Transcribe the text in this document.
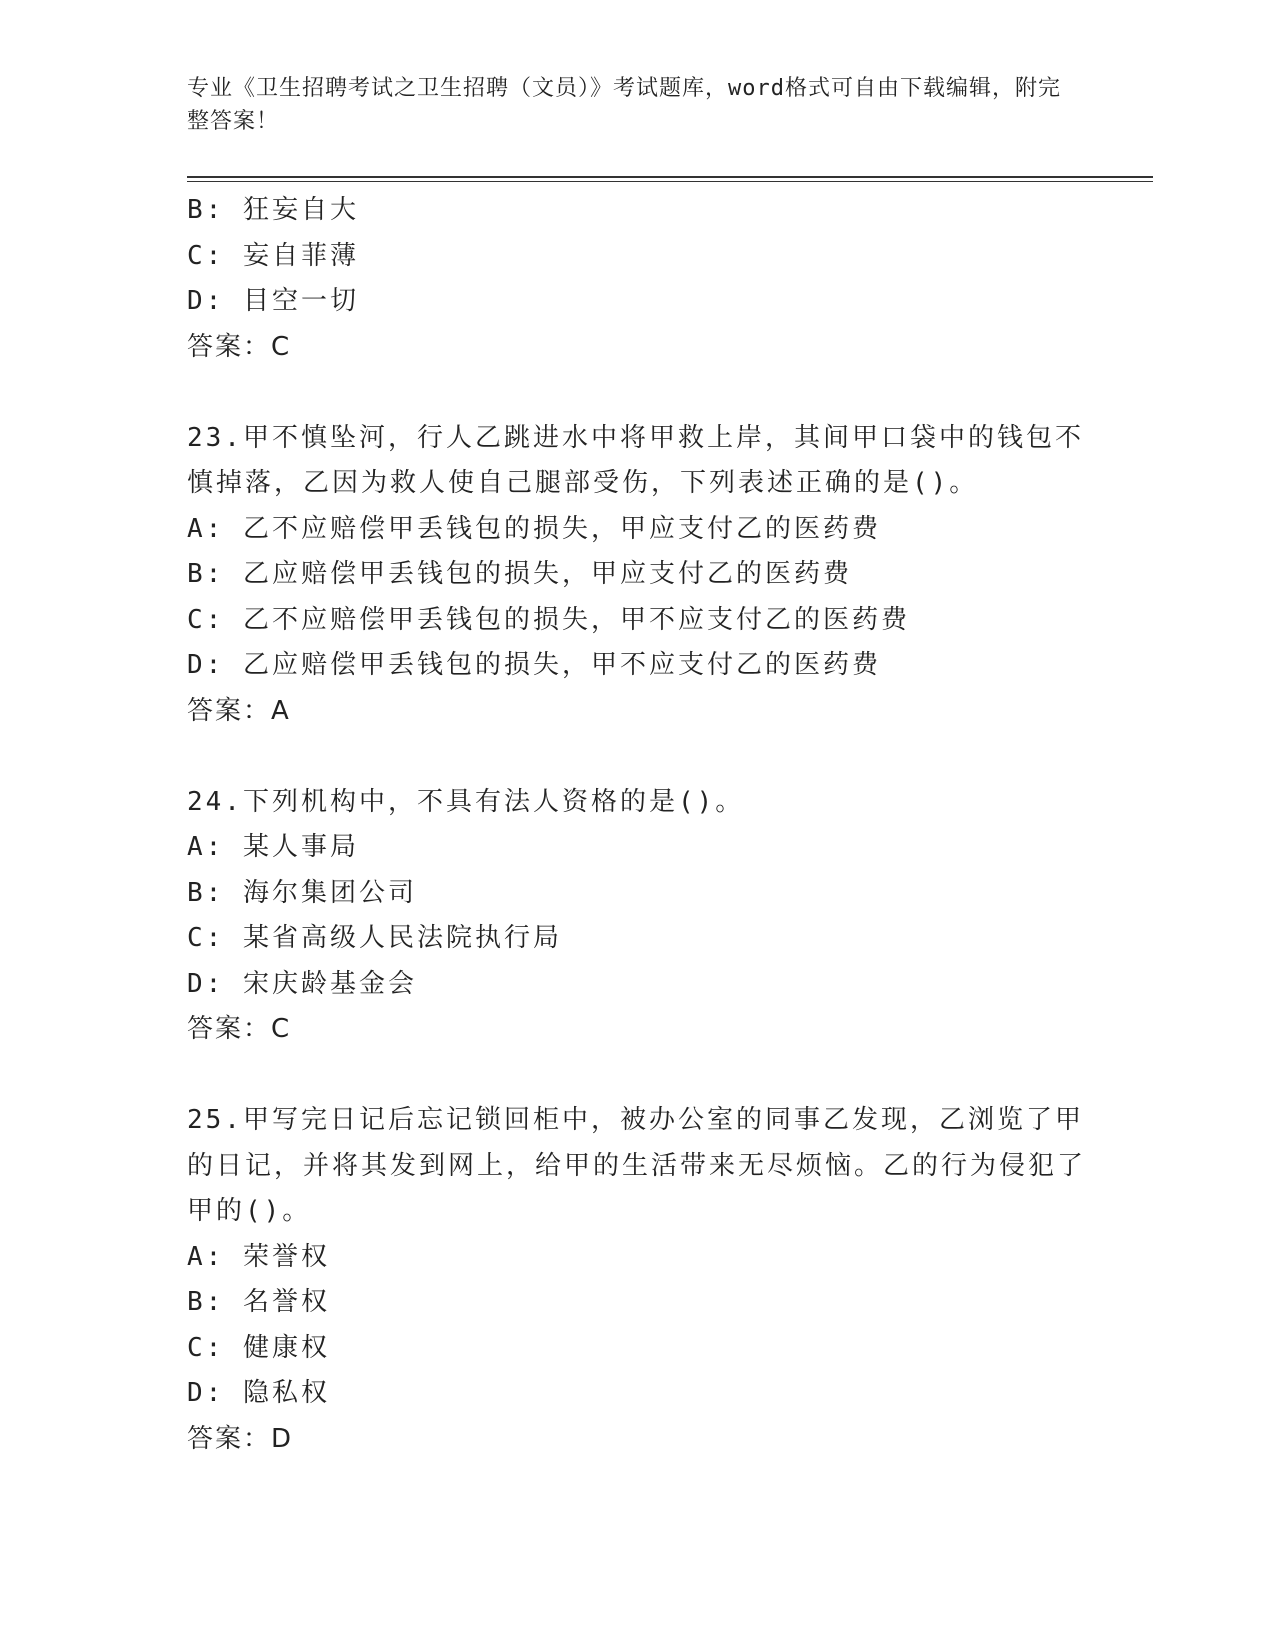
专业《卫生招聘考试之卫生招聘（文员）》考试题库，word格式可自由下载编辑，附完整答案！
B: 狂妄自大
C: 妄自菲薄
D: 目空一切
答案：C
23.甲不慎坠河，行人乙跳进水中将甲救上岸，其间甲口袋中的钱包不慎掉落，乙因为救人使自己腿部受伤，下列表述正确的是()。
A: 乙不应赔偿甲丢钱包的损失，甲应支付乙的医药费
B: 乙应赔偿甲丢钱包的损失，甲应支付乙的医药费
C: 乙不应赔偿甲丢钱包的损失，甲不应支付乙的医药费
D: 乙应赔偿甲丢钱包的损失，甲不应支付乙的医药费
答案：A
24.下列机构中，不具有法人资格的是()。
A: 某人事局
B: 海尔集团公司
C: 某省高级人民法院执行局
D: 宋庆龄基金会
答案：C
25.甲写完日记后忘记锁回柜中，被办公室的同事乙发现，乙浏览了甲的日记，并将其发到网上，给甲的生活带来无尽烦恼。乙的行为侵犯了甲的()。
A: 荣誉权
B: 名誉权
C: 健康权
D: 隐私权
答案：D
